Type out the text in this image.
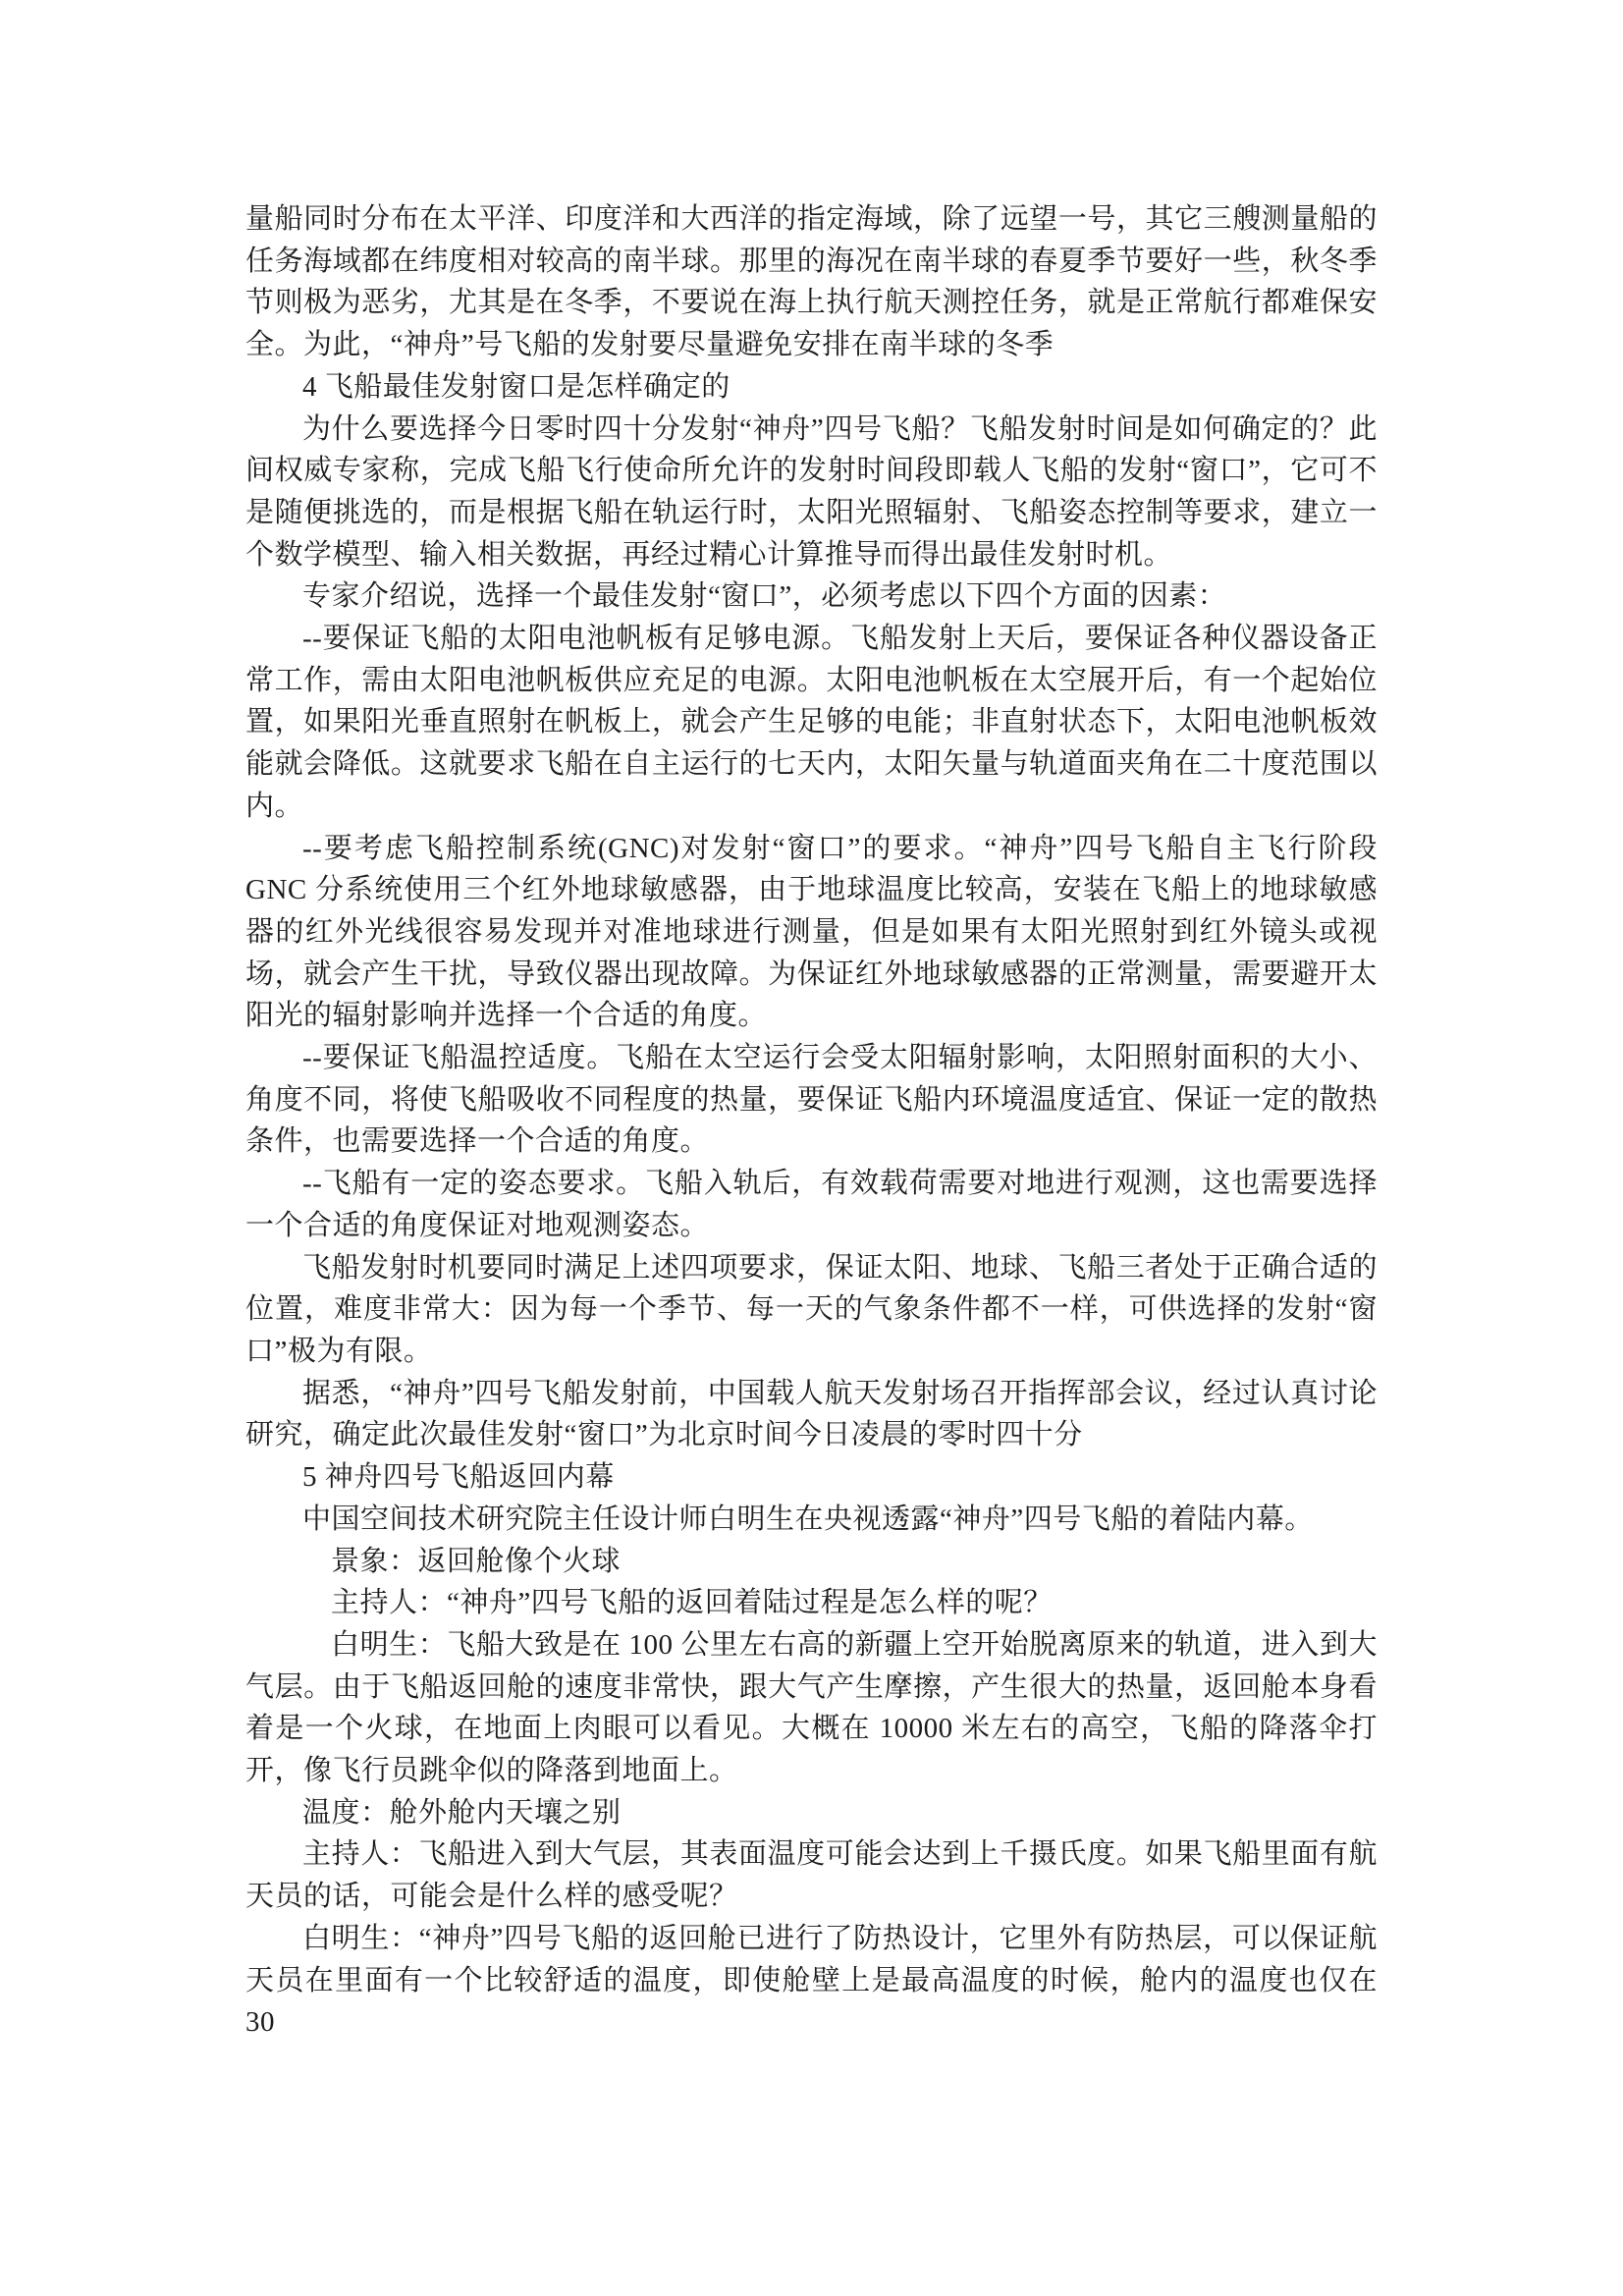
量船同时分布在太平洋、印度洋和大西洋的指定海域，除了远望一号，其它三艘测量船的任务海域都在纬度相对较高的南半球。那里的海况在南半球的春夏季节要好一些，秋冬季节则极为恶劣，尤其是在冬季，不要说在海上执行航天测控任务，就是正常航行都难保安全。为此，“神舟”号飞船的发射要尽量避免安排在南半球的冬季

4 飞船最佳发射窗口是怎样确定的

为什么要选择今日零时四十分发射“神舟”四号飞船？飞船发射时间是如何确定的？此间权威专家称，完成飞船飞行使命所允许的发射时间段即载人飞船的发射“窗口”，它可不是随便挑选的，而是根据飞船在轨运行时，太阳光照辐射、飞船姿态控制等要求，建立一个数学模型、输入相关数据，再经过精心计算推导而得出最佳发射时机。

专家介绍说，选择一个最佳发射“窗口”，必须考虑以下四个方面的因素：

--要保证飞船的太阳电池帆板有足够电源。飞船发射上天后，要保证各种仪器设备正常工作，需由太阳电池帆板供应充足的电源。太阳电池帆板在太空展开后，有一个起始位置，如果阳光垂直照射在帆板上，就会产生足够的电能；非直射状态下，太阳电池帆板效能就会降低。这就要求飞船在自主运行的七天内，太阳矢量与轨道面夹角在二十度范围以内。

--要考虑飞船控制系统(GNC)对发射“窗口”的要求。“神舟”四号飞船自主飞行阶段 GNC 分系统使用三个红外地球敏感器，由于地球温度比较高，安装在飞船上的地球敏感器的红外光线很容易发现并对准地球进行测量，但是如果有太阳光照射到红外镜头或视场，就会产生干扰，导致仪器出现故障。为保证红外地球敏感器的正常测量，需要避开太阳光的辐射影响并选择一个合适的角度。

--要保证飞船温控适度。飞船在太空运行会受太阳辐射影响，太阳照射面积的大小、角度不同，将使飞船吸收不同程度的热量，要保证飞船内环境温度适宜、保证一定的散热条件，也需要选择一个合适的角度。

--飞船有一定的姿态要求。飞船入轨后，有效载荷需要对地进行观测，这也需要选择一个合适的角度保证对地观测姿态。

飞船发射时机要同时满足上述四项要求，保证太阳、地球、飞船三者处于正确合适的位置，难度非常大：因为每一个季节、每一天的气象条件都不一样，可供选择的发射“窗口”极为有限。

据悉，“神舟”四号飞船发射前，中国载人航天发射场召开指挥部会议，经过认真讨论研究，确定此次最佳发射“窗口”为北京时间今日凌晨的零时四十分

5 神舟四号飞船返回内幕

中国空间技术研究院主任设计师白明生在央视透露“神舟”四号飞船的着陆内幕。

景象：返回舱像个火球

主持人：“神舟”四号飞船的返回着陆过程是怎么样的呢？

白明生：飞船大致是在 100 公里左右高的新疆上空开始脱离原来的轨道，进入到大气层。由于飞船返回舱的速度非常快，跟大气产生摩擦，产生很大的热量，返回舱本身看着是一个火球，在地面上肉眼可以看见。大概在 10000 米左右的高空，飞船的降落伞打开，像飞行员跳伞似的降落到地面上。

温度：舱外舱内天壤之别

主持人：飞船进入到大气层，其表面温度可能会达到上千摄氏度。如果飞船里面有航天员的话，可能会是什么样的感受呢？

白明生：“神舟”四号飞船的返回舱已进行了防热设计，它里外有防热层，可以保证航天员在里面有一个比较舒适的温度，即使舱壁上是最高温度的时候，舱内的温度也仅在 30
